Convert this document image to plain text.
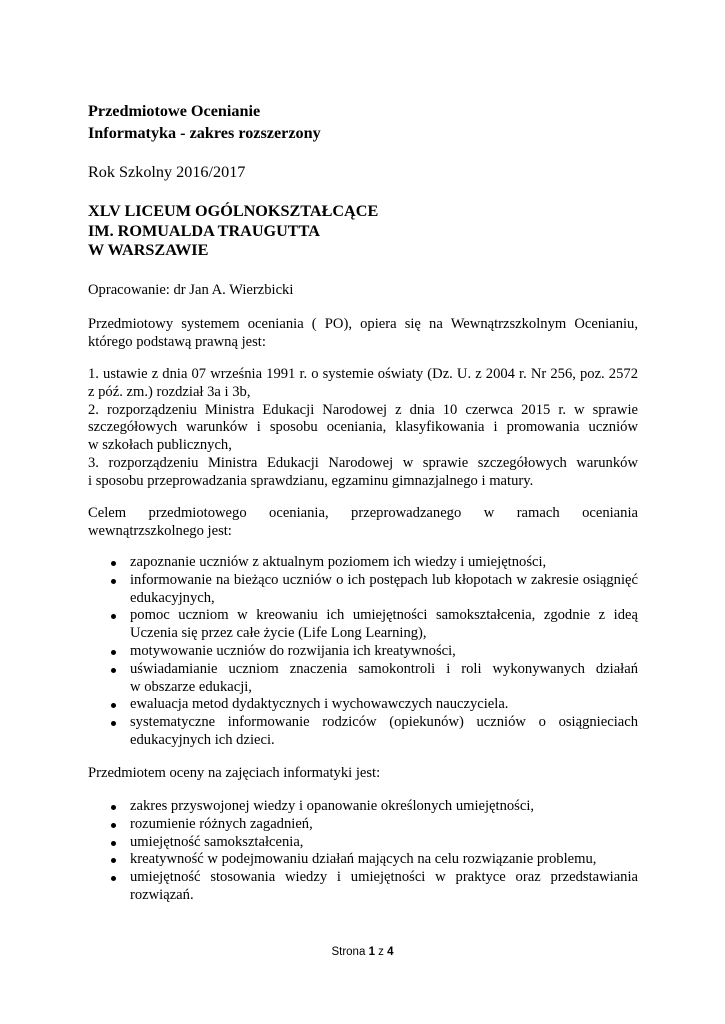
Przedmiotowe Ocenianie
Informatyka - zakres rozszerzony
Rok Szkolny 2016/2017
XLV LICEUM OGÓLNOKSZTAŁCĄCE
IM. ROMUALDA TRAUGUTTA
W WARSZAWIE
Opracowanie: dr Jan A. Wierzbicki
Przedmiotowy systemem oceniania ( PO), opiera się na Wewnątrzszkolnym Ocenianiu,
którego podstawą prawną jest:
1. ustawie z dnia 07 września 1991 r. o systemie oświaty (Dz. U. z 2004 r. Nr 256, poz. 2572
z póź. zm.) rozdział 3a i 3b,
2. rozporządzeniu Ministra Edukacji Narodowej z dnia 10 czerwca 2015 r. w sprawie
szczegółowych warunków i sposobu oceniania, klasyfikowania i promowania uczniów
w szkołach publicznych,
3. rozporządzeniu Ministra Edukacji Narodowej w sprawie szczegółowych warunków
i sposobu przeprowadzania sprawdzianu, egzaminu gimnazjalnego i matury.
Celem przedmiotowego oceniania, przeprowadzanego w ramach oceniania
wewnątrzszkolnego jest:
zapoznanie uczniów z aktualnym poziomem ich wiedzy i umiejętności,
informowanie na bieżąco uczniów o ich postępach lub kłopotach w zakresie osiągnięć
edukacyjnych,
pomoc uczniom w kreowaniu ich umiejętności samokształcenia, zgodnie z ideą
Uczenia się przez całe życie (Life Long Learning),
motywowanie uczniów do rozwijania ich kreatywności,
uświadamianie uczniom znaczenia samokontroli i roli wykonywanych działań
w obszarze edukacji,
ewaluacja metod dydaktycznych i wychowawczych nauczyciela.
systematyczne informowanie rodziców (opiekunów) uczniów o osiągnieciach
edukacyjnych ich dzieci.
Przedmiotem oceny na zajęciach informatyki jest:
zakres przyswojonej wiedzy i opanowanie określonych umiejętności,
rozumienie różnych zagadnień,
umiejętność samokształcenia,
kreatywność w podejmowaniu działań mających na celu rozwiązanie problemu,
umiejętność stosowania wiedzy i umiejętności w praktyce oraz przedstawiania
rozwiązań.
Strona 1 z 4
